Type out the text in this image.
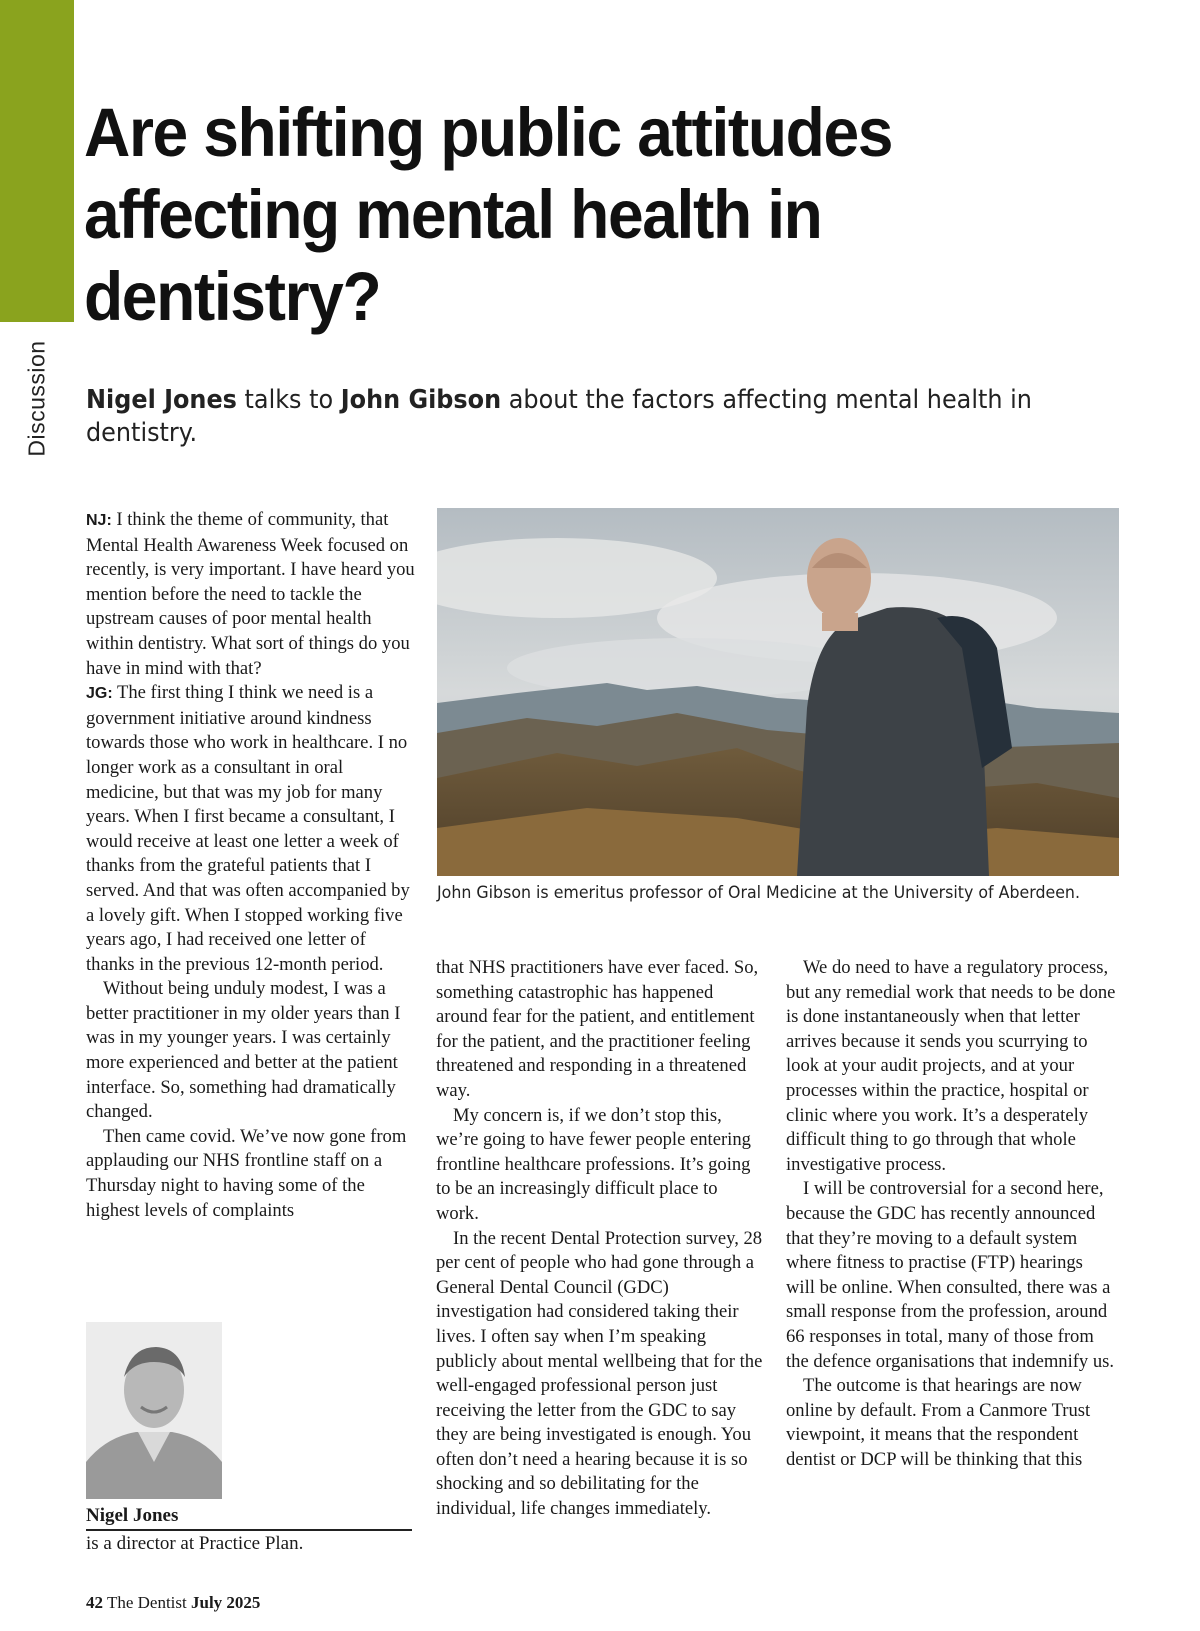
Discussion
Are shifting public attitudes
affecting mental health in
dentistry?

Nigel Jones talks to John Gibson about the factors affecting mental health in dentistry.

NJ: I think the theme of community, that Mental Health Awareness Week focused on recently, is very important. I have heard you mention before the need to tackle the upstream causes of poor mental health within dentistry. What sort of things do you have in mind with that?
JG: The first thing I think we need is a government initiative around kindness towards those who work in healthcare. I no longer work as a consultant in oral medicine, but that was my job for many years. When I first became a consultant, I would receive at least one letter a week of thanks from the grateful patients that I served. And that was often accompanied by a lovely gift. When I stopped working five years ago, I had received one letter of thanks in the previous 12-month period.

Without being unduly modest, I was a better practitioner in my older years than I was in my younger years. I was certainly more experienced and better at the patient interface. So, something had dramatically changed.

Then came covid. We’ve now gone from applauding our NHS frontline staff on a Thursday night to having some of the highest levels of complaints

John Gibson is emeritus professor of Oral Medicine at the University of Aberdeen.

that NHS practitioners have ever faced. So, something catastrophic has happened around fear for the patient, and entitlement for the patient, and the practitioner feeling threatened and responding in a threatened way.

My concern is, if we don’t stop this, we’re going to have fewer people entering frontline healthcare professions. It’s going to be an increasingly difficult place to work.

In the recent Dental Protection survey, 28 per cent of people who had gone through a General Dental Council (GDC) investigation had considered taking their lives. I often say when I’m speaking publicly about mental wellbeing that for the well-engaged professional person just receiving the letter from the GDC to say they are being investigated is enough. You often don’t need a hearing because it is so shocking and so debilitating for the individual, life changes immediately.

We do need to have a regulatory process, but any remedial work that needs to be done is done instantaneously when that letter arrives because it sends you scurrying to look at your audit projects, and at your processes within the practice, hospital or clinic where you work. It’s a desperately difficult thing to go through that whole investigative process.

I will be controversial for a second here, because the GDC has recently announced that they’re moving to a default system where fitness to practise (FTP) hearings will be online. When consulted, there was a small response from the profession, around 66 responses in total, many of those from the defence organisations that indemnify us.

The outcome is that hearings are now online by default. From a Canmore Trust viewpoint, it means that the respondent dentist or DCP will be thinking that this

Nigel Jones
is a director at Practice Plan.
42 The Dentist July 2025
